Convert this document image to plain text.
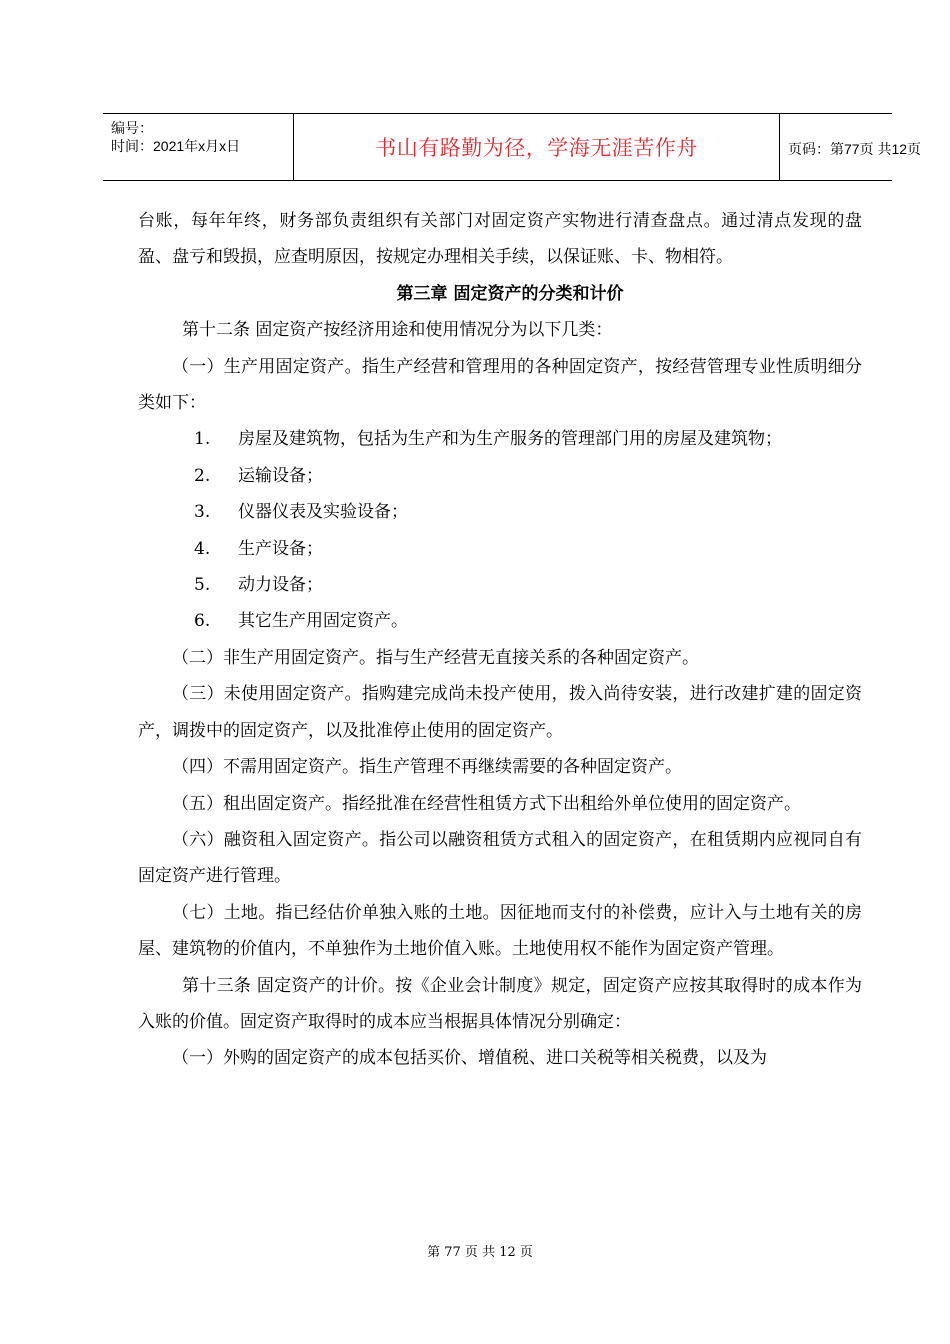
编号：
时间：2021年x月x日	书山有路勤为径，学海无涯苦作舟	页码：第77页 共12页

台账，每年年终，财务部负责组织有关部门对固定资产实物进行清查盘点。通过清点发现的盘盈、盘亏和毁损，应查明原因，按规定办理相关手续，以保证账、卡、物相符。

第三章 固定资产的分类和计价

第十二条 固定资产按经济用途和使用情况分为以下几类：

（一）生产用固定资产。指生产经营和管理用的各种固定资产，按经营管理专业性质明细分类如下：

1.	房屋及建筑物，包括为生产和为生产服务的管理部门用的房屋及建筑物；
2.	运输设备；
3.	仪器仪表及实验设备；
4.	生产设备；
5.	动力设备；
6.	其它生产用固定资产。

（二）非生产用固定资产。指与生产经营无直接关系的各种固定资产。

（三）未使用固定资产。指购建完成尚未投产使用，拨入尚待安装，进行改建扩建的固定资产，调拨中的固定资产，以及批准停止使用的固定资产。

（四）不需用固定资产。指生产管理不再继续需要的各种固定资产。

（五）租出固定资产。指经批准在经营性租赁方式下出租给外单位使用的固定资产。

（六）融资租入固定资产。指公司以融资租赁方式租入的固定资产，在租赁期内应视同自有固定资产进行管理。

（七）土地。指已经估价单独入账的土地。因征地而支付的补偿费，应计入与土地有关的房屋、建筑物的价值内，不单独作为土地价值入账。土地使用权不能作为固定资产管理。

第十三条 固定资产的计价。按《企业会计制度》规定，固定资产应按其取得时的成本作为入账的价值。固定资产取得时的成本应当根据具体情况分别确定：

（一）外购的固定资产的成本包括买价、增值税、进口关税等相关税费，以及为

第 77 页 共 12 页
